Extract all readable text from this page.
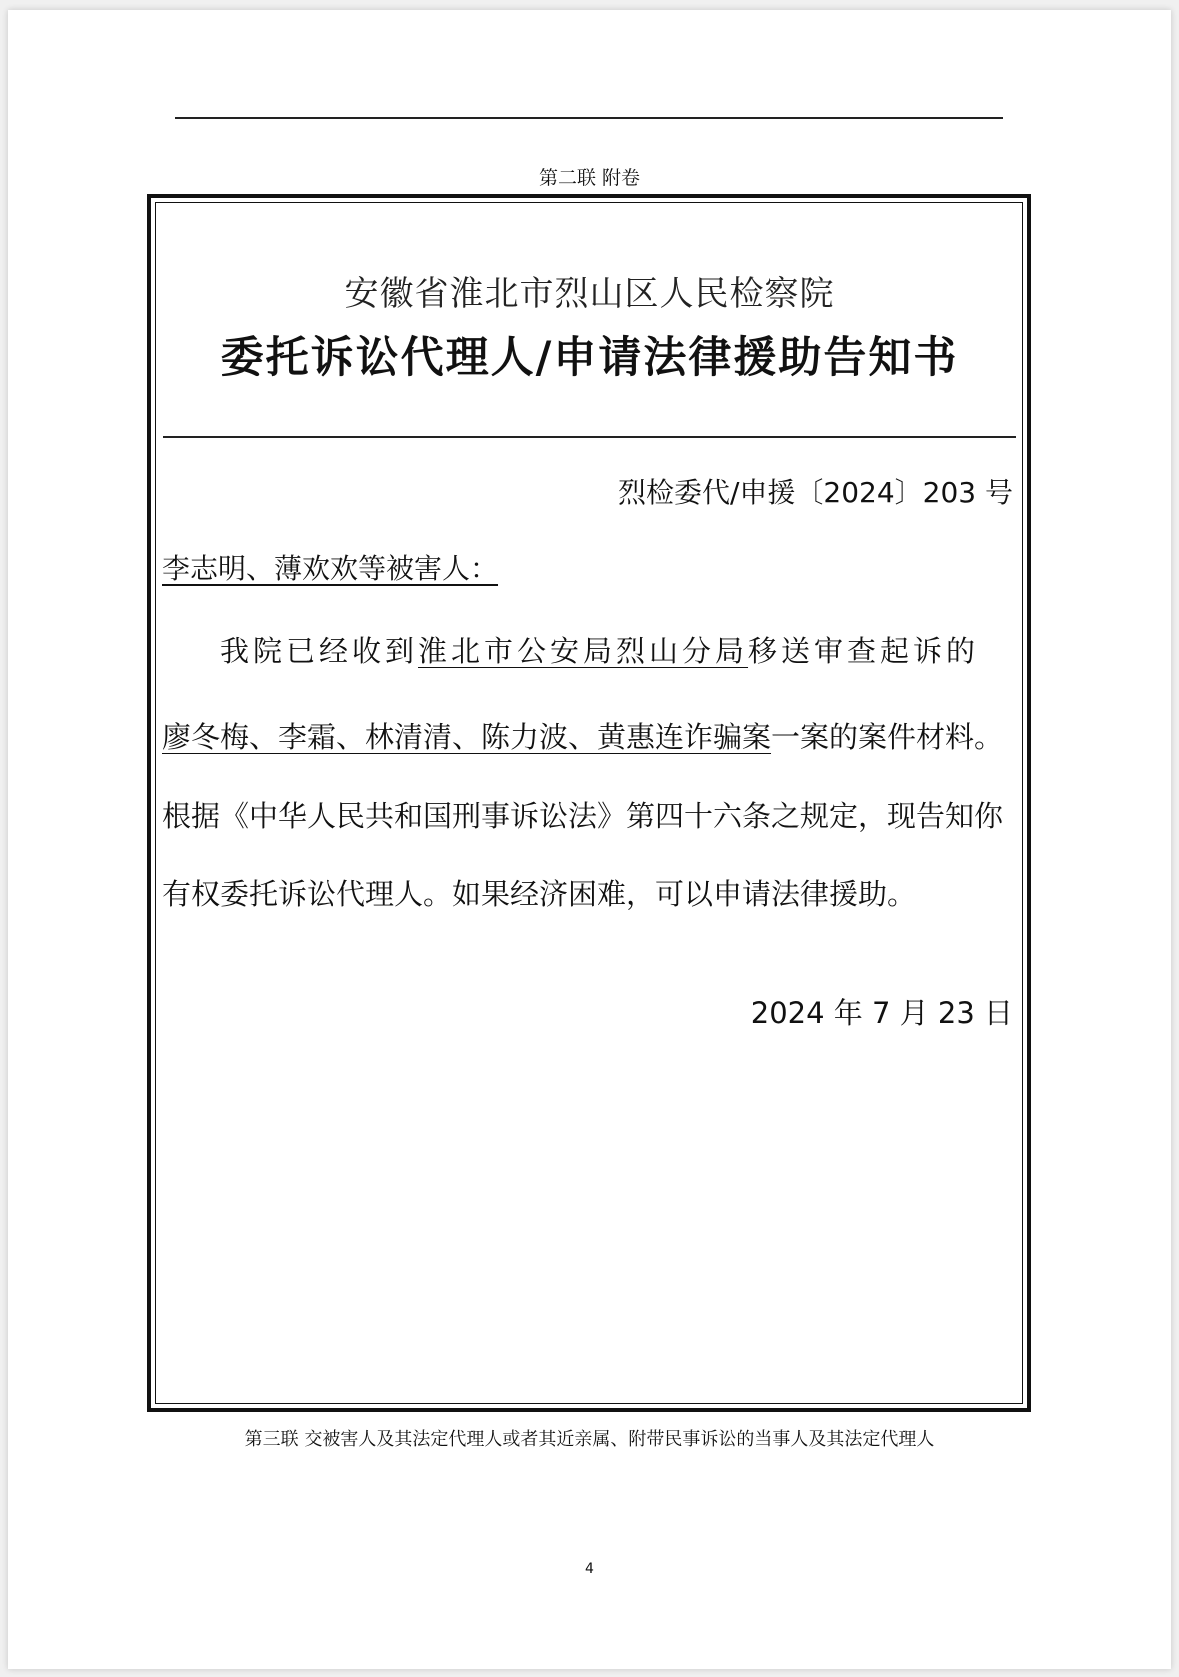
第二联 附卷
安徽省淮北市烈山区人民检察院
委托诉讼代理人/申请法律援助告知书
烈检委代/申援〔2024〕203 号
李志明、薄欢欢等被害人：
我院已经收到淮北市公安局烈山分局移送审查起诉的
廖冬梅、李霜、林清清、陈力波、黄惠连诈骗案一案的案件材料。
根据《中华人民共和国刑事诉讼法》第四十六条之规定，现告知你
有权委托诉讼代理人。如果经济困难，可以申请法律援助。
2024 年 7 月 23 日
第三联 交被害人及其法定代理人或者其近亲属、附带民事诉讼的当事人及其法定代理人
4
